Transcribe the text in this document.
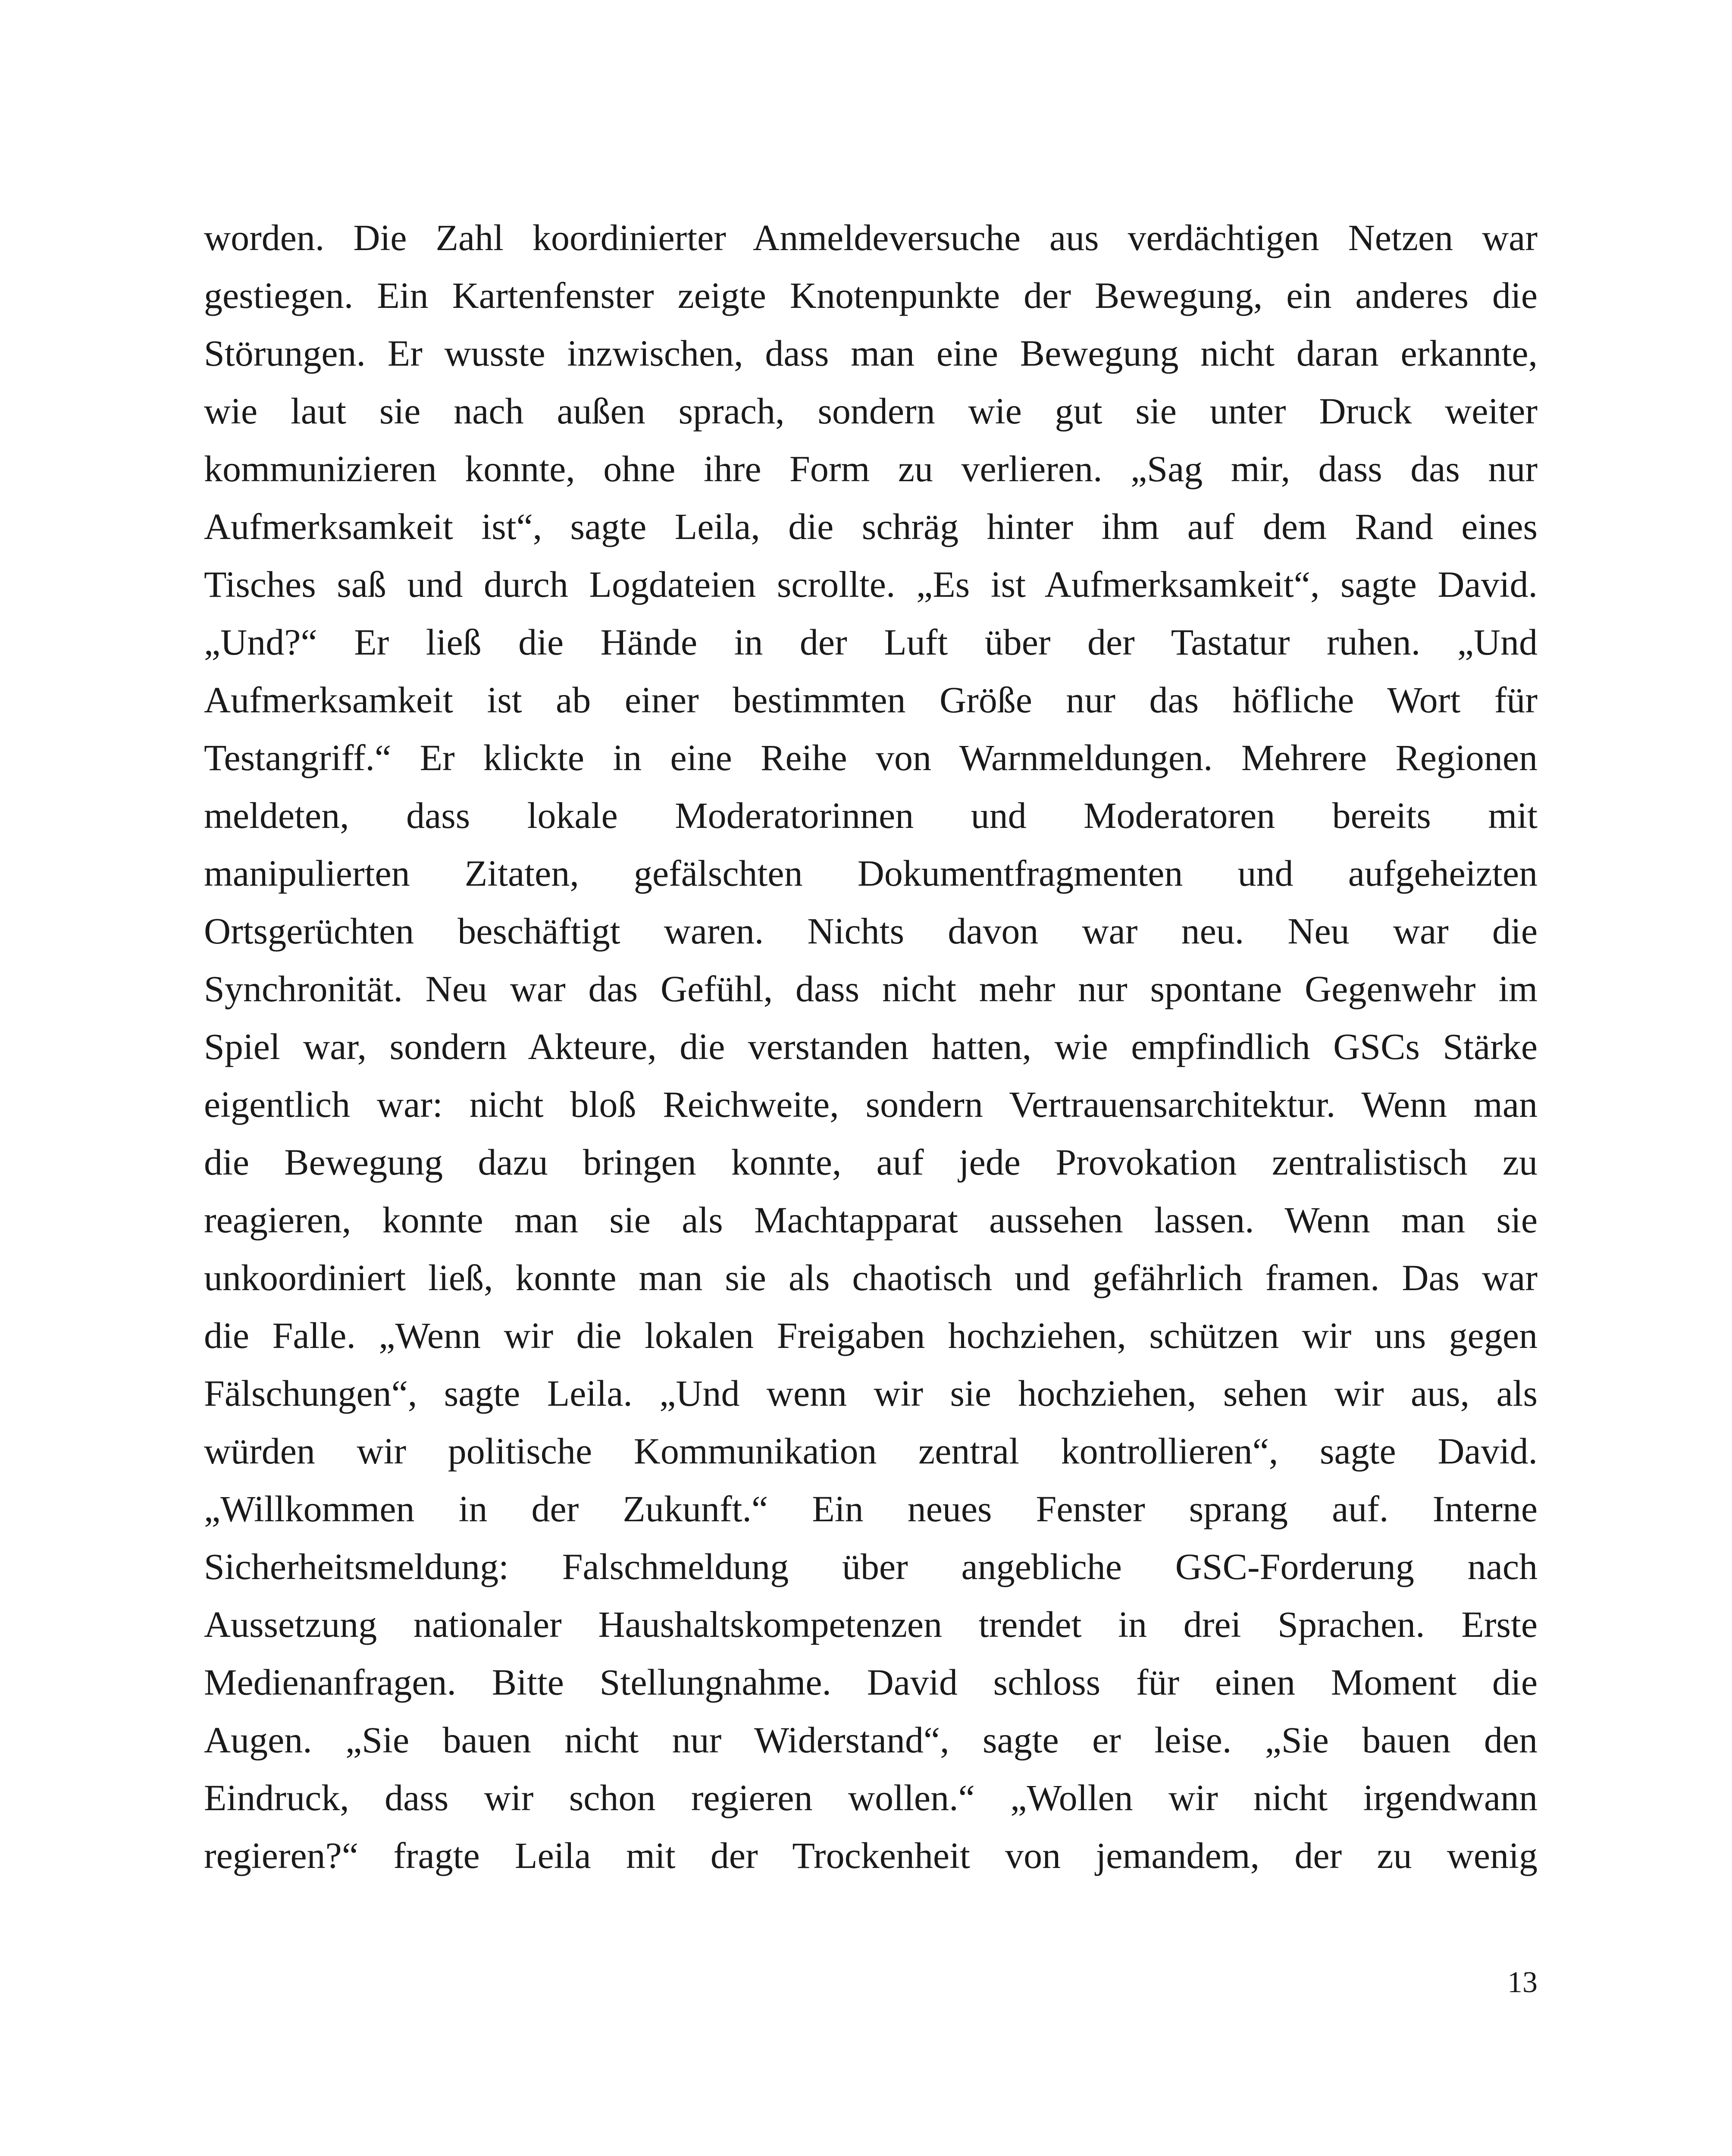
worden. Die Zahl koordinierter Anmeldeversuche aus verdächtigen Netzen war
gestiegen. Ein Kartenfenster zeigte Knotenpunkte der Bewegung, ein anderes die
Störungen. Er wusste inzwischen, dass man eine Bewegung nicht daran erkannte,
wie laut sie nach außen sprach, sondern wie gut sie unter Druck weiter
kommunizieren konnte, ohne ihre Form zu verlieren. „Sag mir, dass das nur
Aufmerksamkeit ist“, sagte Leila, die schräg hinter ihm auf dem Rand eines
Tisches saß und durch Logdateien scrollte. „Es ist Aufmerksamkeit“, sagte David.
„Und?“ Er ließ die Hände in der Luft über der Tastatur ruhen. „Und
Aufmerksamkeit ist ab einer bestimmten Größe nur das höfliche Wort für
Testangriff.“ Er klickte in eine Reihe von Warnmeldungen. Mehrere Regionen
meldeten, dass lokale Moderatorinnen und Moderatoren bereits mit
manipulierten Zitaten, gefälschten Dokumentfragmenten und aufgeheizten
Ortsgerüchten beschäftigt waren. Nichts davon war neu. Neu war die
Synchronität. Neu war das Gefühl, dass nicht mehr nur spontane Gegenwehr im
Spiel war, sondern Akteure, die verstanden hatten, wie empfindlich GSCs Stärke
eigentlich war: nicht bloß Reichweite, sondern Vertrauensarchitektur. Wenn man
die Bewegung dazu bringen konnte, auf jede Provokation zentralistisch zu
reagieren, konnte man sie als Machtapparat aussehen lassen. Wenn man sie
unkoordiniert ließ, konnte man sie als chaotisch und gefährlich framen. Das war
die Falle. „Wenn wir die lokalen Freigaben hochziehen, schützen wir uns gegen
Fälschungen“, sagte Leila. „Und wenn wir sie hochziehen, sehen wir aus, als
würden wir politische Kommunikation zentral kontrollieren“, sagte David.
„Willkommen in der Zukunft.“ Ein neues Fenster sprang auf. Interne
Sicherheitsmeldung: Falschmeldung über angebliche GSC-Forderung nach
Aussetzung nationaler Haushaltskompetenzen trendet in drei Sprachen. Erste
Medienanfragen. Bitte Stellungnahme. David schloss für einen Moment die
Augen. „Sie bauen nicht nur Widerstand“, sagte er leise. „Sie bauen den
Eindruck, dass wir schon regieren wollen.“ „Wollen wir nicht irgendwann
regieren?“ fragte Leila mit der Trockenheit von jemandem, der zu wenig
13
